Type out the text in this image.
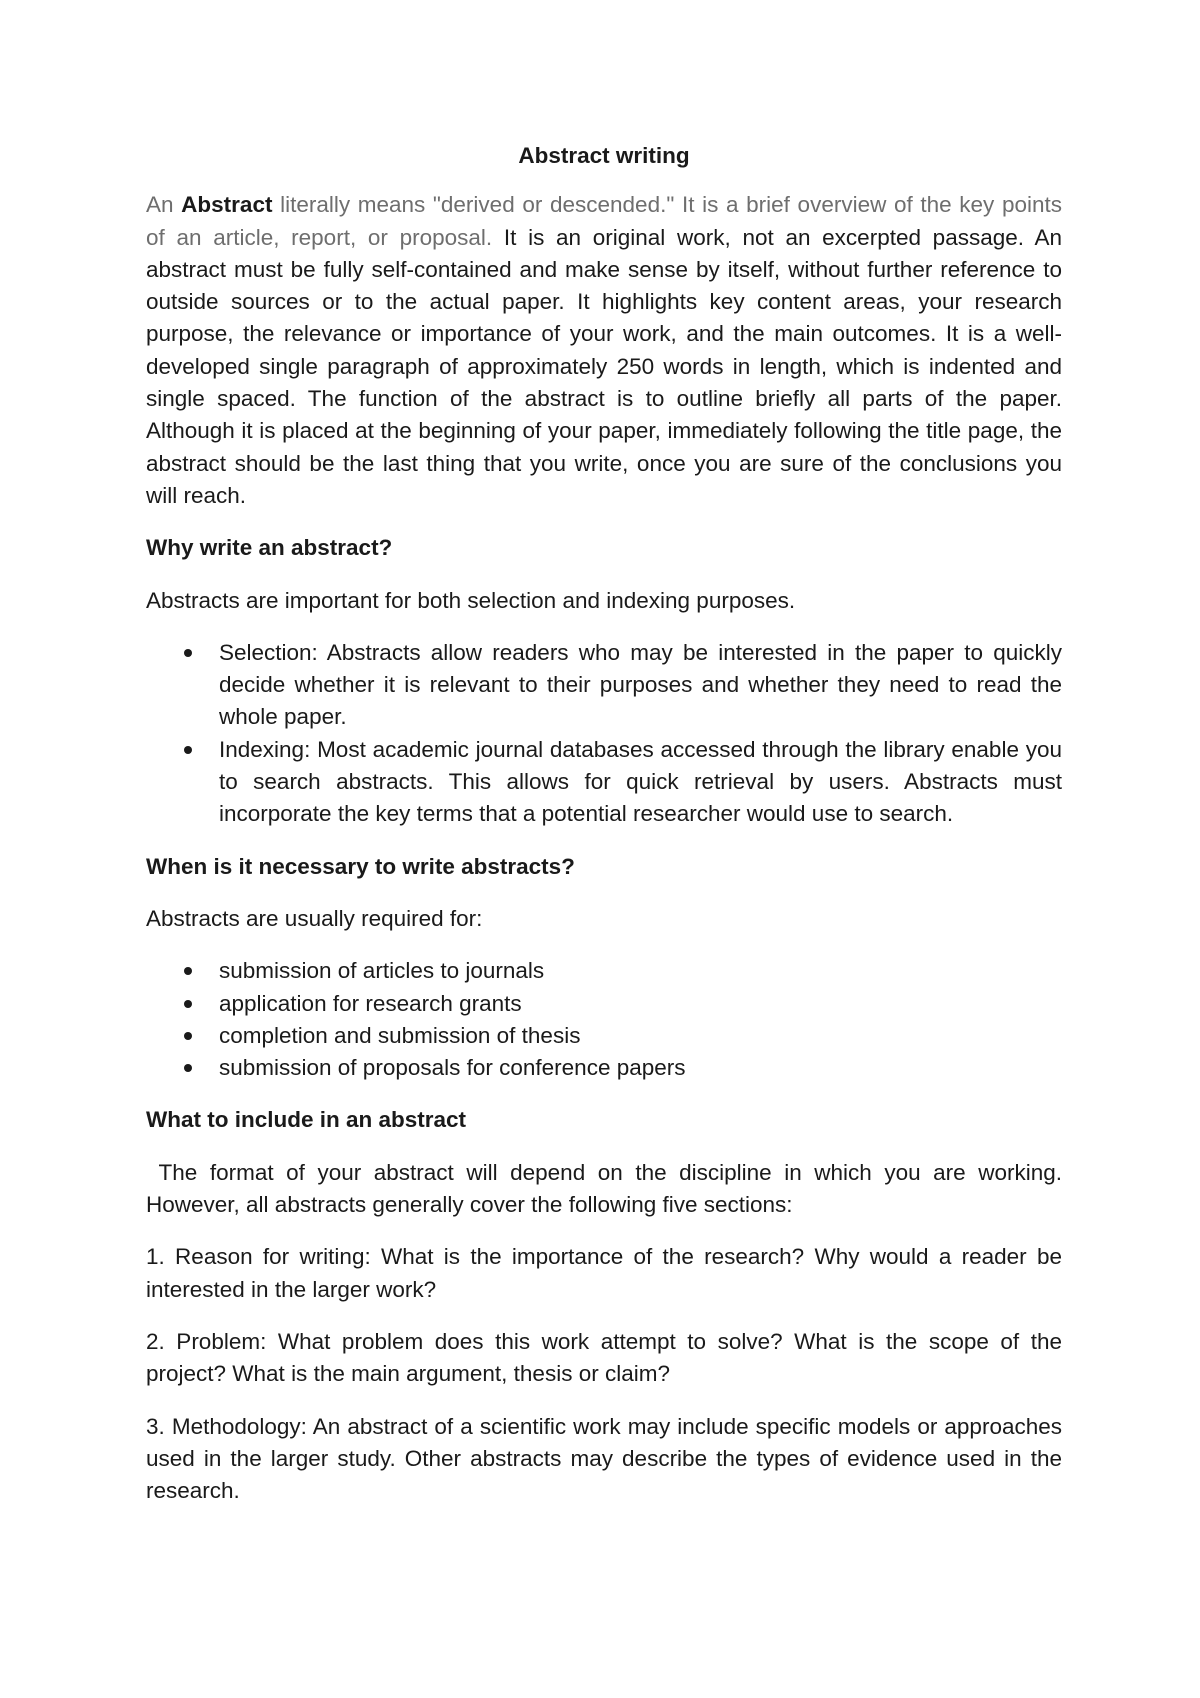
Abstract writing

An Abstract literally means "derived or descended." It is a brief overview of the key points of an article, report, or proposal. It is an original work, not an excerpted passage. An abstract must be fully self-contained and make sense by itself, without further reference to outside sources or to the actual paper. It highlights key content areas, your research purpose, the relevance or importance of your work, and the main outcomes. It is a well-developed single paragraph of approximately 250 words in length, which is indented and single spaced. The function of the abstract is to outline briefly all parts of the paper. Although it is placed at the beginning of your paper, immediately following the title page, the abstract should be the last thing that you write, once you are sure of the conclusions you will reach.

Why write an abstract?

Abstracts are important for both selection and indexing purposes.

Selection: Abstracts allow readers who may be interested in the paper to quickly decide whether it is relevant to their purposes and whether they need to read the whole paper.
Indexing: Most academic journal databases accessed through the library enable you to search abstracts. This allows for quick retrieval by users. Abstracts must incorporate the key terms that a potential researcher would use to search.
When is it necessary to write abstracts?

Abstracts are usually required for:

submission of articles to journals
application for research grants
completion and submission of thesis
submission of proposals for conference papers
What to include in an abstract

The format of your abstract will depend on the discipline in which you are working. However, all abstracts generally cover the following five sections:

1. Reason for writing: What is the importance of the research? Why would a reader be interested in the larger work?

2. Problem: What problem does this work attempt to solve? What is the scope of the project? What is the main argument, thesis or claim?

3. Methodology: An abstract of a scientific work may include specific models or approaches used in the larger study. Other abstracts may describe the types of evidence used in the research.
